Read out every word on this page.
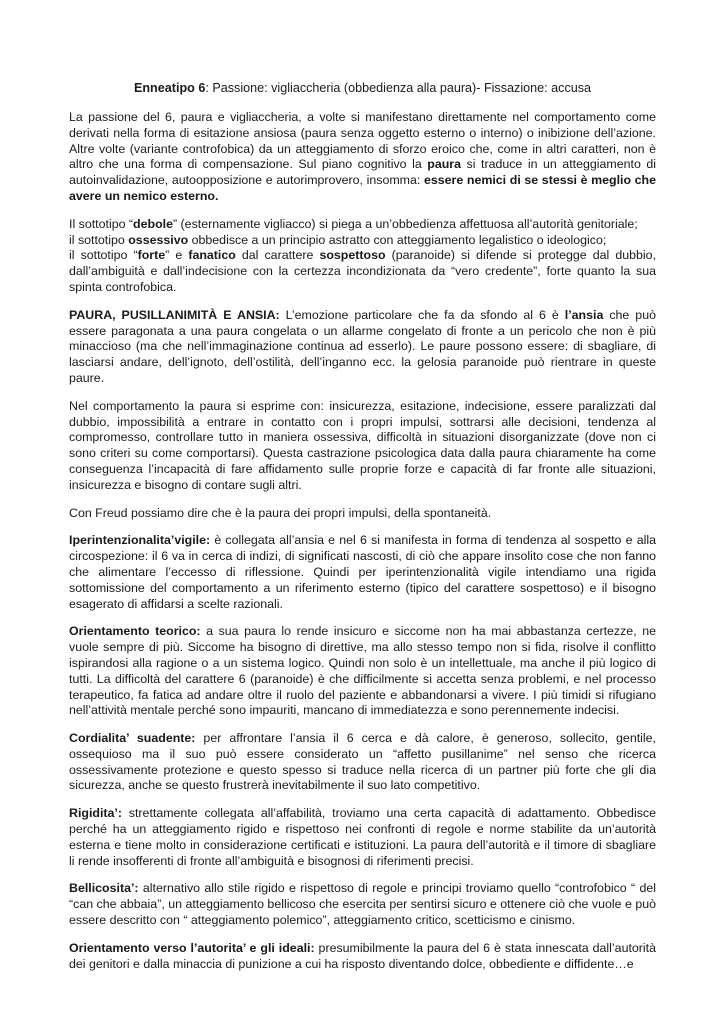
Enneatipo 6: Passione: vigliaccheria (obbedienza alla paura)- Fissazione: accusa

La passione del 6, paura e vigliaccheria, a volte si manifestano direttamente nel comportamento come derivati nella forma di esitazione ansiosa (paura senza oggetto esterno o interno) o inibizione dell’azione. Altre volte (variante controfobica) da un atteggiamento di sforzo eroico che, come in altri caratteri, non è altro che una forma di compensazione. Sul piano cognitivo la paura si traduce in un atteggiamento di autoinvalidazione, autoopposizione e autorimprovero, insomma: essere nemici di se stessi è meglio che avere un nemico esterno.

Il sottotipo “debole” (esternamente vigliacco) si piega a un’obbedienza affettuosa all’autorità genitoriale;
il sottotipo ossessivo obbedisce a un principio astratto con atteggiamento legalistico o ideologico;
il sottotipo “forte” e fanatico dal carattere sospettoso (paranoide) si difende si protegge dal dubbio, dall’ambiguità e dall’indecisione con la certezza incondizionata da “vero credente”, forte quanto la sua spinta controfobica.

PAURA, PUSILLANIMITÀ E ANSIA: L’emozione particolare che fa da sfondo al 6 è l’ansia che può essere paragonata a una paura congelata o un allarme congelato di fronte a un pericolo che non è più minaccioso (ma che nell’immaginazione continua ad esserlo). Le paure possono essere: di sbagliare, di lasciarsi andare, dell’ignoto, dell’ostilità, dell’inganno ecc. la gelosia paranoide può rientrare in queste paure.

Nel comportamento la paura si esprime con: insicurezza, esitazione, indecisione, essere paralizzati dal dubbio, impossibilità a entrare in contatto con i propri impulsi, sottrarsi alle decisioni, tendenza al compromesso, controllare tutto in maniera ossessiva, difficoltà in situazioni disorganizzate (dove non ci sono criteri su come comportarsi). Questa castrazione psicologica data dalla paura chiaramente ha come conseguenza l’incapacità di fare affidamento sulle proprie forze e capacità di far fronte alle situazioni, insicurezza e bisogno di contare sugli altri.

Con Freud possiamo dire che è la paura dei propri impulsi, della spontaneità.

Iperintenzionalita’vigile: è collegata all’ansia e nel 6 si manifesta in forma di tendenza al sospetto e alla circospezione: il 6 va in cerca di indizi, di significati nascosti, di ciò che appare insolito cose che non fanno che alimentare l’eccesso di riflessione. Quindi per iperintenzionalità vigile intendiamo una rigida sottomissione del comportamento a un riferimento esterno (tipico del carattere sospettoso) e il bisogno esagerato di affidarsi a scelte razionali.

Orientamento teorico: a sua paura lo rende insicuro e siccome non ha mai abbastanza certezze, ne vuole sempre di più. Siccome ha bisogno di direttive, ma allo stesso tempo non si fida, risolve il conflitto ispirandosi alla ragione o a un sistema logico. Quindi non solo è un intellettuale, ma anche il più logico di tutti. La difficoltà del carattere 6 (paranoide) è che difficilmente si accetta senza problemi, e nel processo terapeutico, fa fatica ad andare oltre il ruolo del paziente e abbandonarsi a vivere. I più timidi si rifugiano nell’attività mentale perché sono impauriti, mancano di immediatezza e sono perennemente indecisi.

Cordialita’ suadente: per affrontare l’ansia il 6 cerca e dà calore, è generoso, sollecito, gentile, ossequioso ma il suo può essere considerato un “affetto pusillanime” nel senso che ricerca ossessivamente protezione e questo spesso si traduce nella ricerca di un partner più forte che gli dia sicurezza, anche se questo frustrerà inevitabilmente il suo lato competitivo.

Rigidita’: strettamente collegata all’affabilità, troviamo una certa capacità di adattamento. Obbedisce perché ha un atteggiamento rigido e rispettoso nei confronti di regole e norme stabilite da un’autorità esterna e tiene molto in considerazione certificati e istituzioni. La paura dell’autorità e il timore di sbagliare li rende insofferenti di fronte all’ambiguità e bisognosi di riferimenti precisi.

Bellicosita’: alternativo allo stile rigido e rispettoso di regole e principi troviamo quello “controfobico “ del “can che abbaia”, un atteggiamento bellicoso che esercita per sentirsi sicuro e ottenere ciò che vuole e può essere descritto con “ atteggiamento polemico”, atteggiamento critico, scetticismo e cinismo.

Orientamento verso l’autorita’ e gli ideali: presumibilmente la paura del 6 è stata innescata dall’autorità dei genitori e dalla minaccia di punizione a cui ha risposto diventando dolce, obbediente e diffidente…e
